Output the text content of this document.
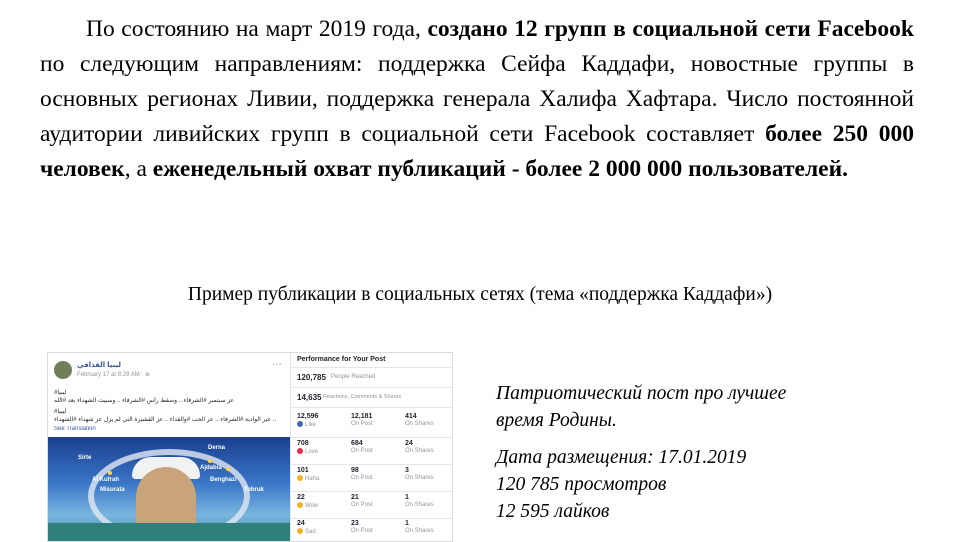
По состоянию на март 2019 года, создано 12 групп в социальной сети Facebook по следующим направлениям: поддержка Сейфа Каддафи, новостные группы в основных регионах Ливии, поддержка генерала Халифа Хафтара. Число постоянной аудитории ливийских групп в социальной сети Facebook составляет более 250 000 человек, а еженедельный охват публикаций - более 2 000 000 пользователей.

Пример публикации в социальных сетях (тема «поддержка Каддафи»)
ليبيا القذافي
February 17 at 8:29 AM · ⊕
···
#ليبيا
عز سبتمبر #الشرفاء .. وسقط رأس #الشرفاء .. وسبيت الشهداء بعد #الله
#ليبيا
عبر الوادية #الشرفاء .. عز الحب #والفداء .. عز القشيرة التي لم يزل عز شهداء #الشهداء ..
See Translation
Derna
Ajdabia
Benghazi
Tobruk
Al Kufrah
Sirte
Misurata
Performance for Your Post
120,785 People Reached
14,635 Reactions, Comments & Shares
12,596
Like
12,181
On Post
414
On Shares
708
Love
684
On Post
24
On Shares
101
Haha
98
On Post
3
On Shares
22
Wow
21
On Post
1
On Shares
24
Sad
23
On Post
1
On Shares
Патриотический пост про лучшее
время Родины.
Дата размещения: 17.01.2019
120 785 просмотров
12 595 лайков
